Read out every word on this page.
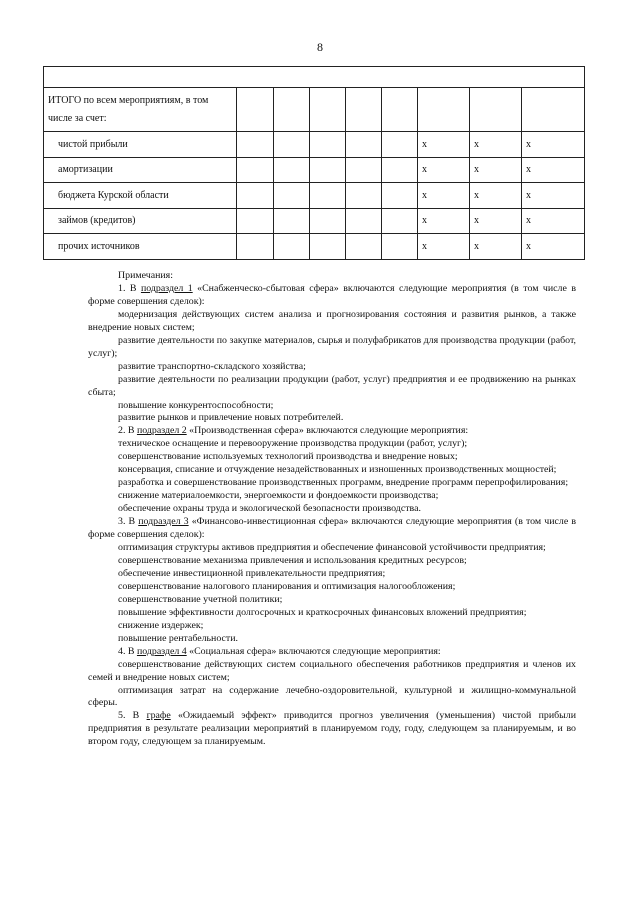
8

ИТОГО по всем мероприятиям, в том числе за счет:								
чистой прибыли						x	x	x
амортизации						x	x	x
бюджета Курской области						x	x	x
займов (кредитов)						x	x	x
прочих источников						x	x	x

Примечания:

1. В подраздел 1 «Снабженческо-сбытовая сфера» включаются следующие мероприятия (в том числе в форме совершения сделок):

модернизация действующих систем анализа и прогнозирования состояния и развития рынков, а также внедрение новых систем;

развитие деятельности по закупке материалов, сырья и полуфабрикатов для производства продукции (работ, услуг);

развитие транспортно-складского хозяйства;

развитие деятельности по реализации продукции (работ, услуг) предприятия и ее продвижению на рынках сбыта;

повышение конкурентоспособности;

развитие рынков и привлечение новых потребителей.

2. В подраздел 2 «Производственная сфера» включаются следующие мероприятия:

техническое оснащение и перевооружение производства продукции (работ, услуг);

совершенствование используемых технологий производства и внедрение новых;

консервация, списание и отчуждение незадействованных и изношенных производственных мощностей;

разработка и совершенствование производственных программ, внедрение программ перепрофилирования;

снижение материалоемкости, энергоемкости и фондоемкости производства;

обеспечение охраны труда и экологической безопасности производства.

3. В подраздел 3 «Финансово-инвестиционная сфера» включаются следующие мероприятия (в том числе в форме совершения сделок):

оптимизация структуры активов предприятия и обеспечение финансовой устойчивости предприятия;

совершенствование механизма привлечения и использования кредитных ресурсов;

обеспечение инвестиционной привлекательности предприятия;

совершенствование налогового планирования и оптимизация налогообложения;

совершенствование учетной политики;

повышение эффективности долгосрочных и краткосрочных финансовых вложений предприятия;

снижение издержек;

повышение рентабельности.

4. В подраздел 4 «Социальная сфера» включаются следующие мероприятия:

совершенствование действующих систем социального обеспечения работников предприятия и членов их семей и внедрение новых систем;

оптимизация затрат на содержание лечебно-оздоровительной, культурной и жилищно-коммунальной сферы.

5. В графе «Ожидаемый эффект» приводится прогноз увеличения (уменьшения) чистой прибыли предприятия в результате реализации мероприятий в планируемом году, году, следующем за планируемым, и во втором году, следующем за планируемым.
